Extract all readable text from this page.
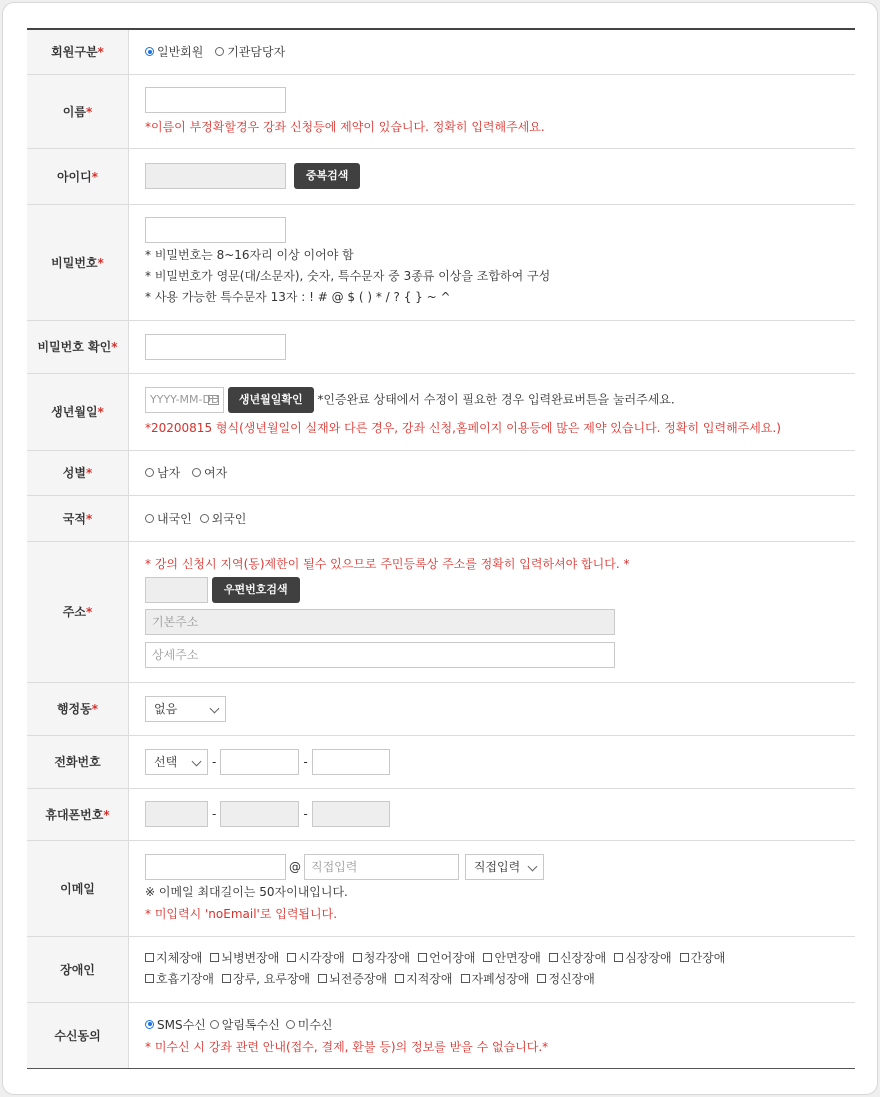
회원구분*	일반회원 기관담당자
이름*	*이름이 부정확할경우 강좌 신청등에 제약이 있습니다. 정확히 입력해주세요.

아이디*	중복검색
비밀번호*	* 비밀번호는 8~16자리 이상 이어야 함
* 비밀번호가 영문(대/소문자), 숫자, 특수문자 중 3종류 이상을 조합하여 구성
* 사용 가능한 특수문자 13자 : ! # @ $ ( ) * / ? { } ~ ^

비밀번호 확인*	
생년월일*	YYYY-MM-DD 생년월일확인 *인증완료 상태에서 수정이 필요한 경우 입력완료버튼을 눌러주세요.
*20200815 형식(생년월일이 실재와 다른 경우, 강좌 신청,홈페이지 이용등에 많은 제약 있습니다. 정확히 입력해주세요.)

성별*	남자 여자
국적*	내국인 외국인
주소*	* 강의 신청시 지역(동)제한이 될수 있으므로 주민등록상 주소를 정확히 입력하셔야 합니다. *
우편번호검색
기본주소
상세주소

행정동*	없음

전화번호	선택 - -
휴대폰번호*	- -
이메일	@ 직접입력 직접입력
※ 이메일 최대길이는 50자이내입니다.
* 미입력시 'noEmail'로 입력됩니다.

장애인	지체장애 뇌병변장애 시각장애 청각장애 언어장애 안면장애 신장장애 심장장애 간장애
호흡기장애 장루, 요루장애 뇌전증장애 지적장애 자폐성장애 정신장애

수신동의	SMS수신 알림톡수신 미수신
* 미수신 시 강좌 관련 안내(접수, 결제, 환불 등)의 정보를 받을 수 없습니다.*
